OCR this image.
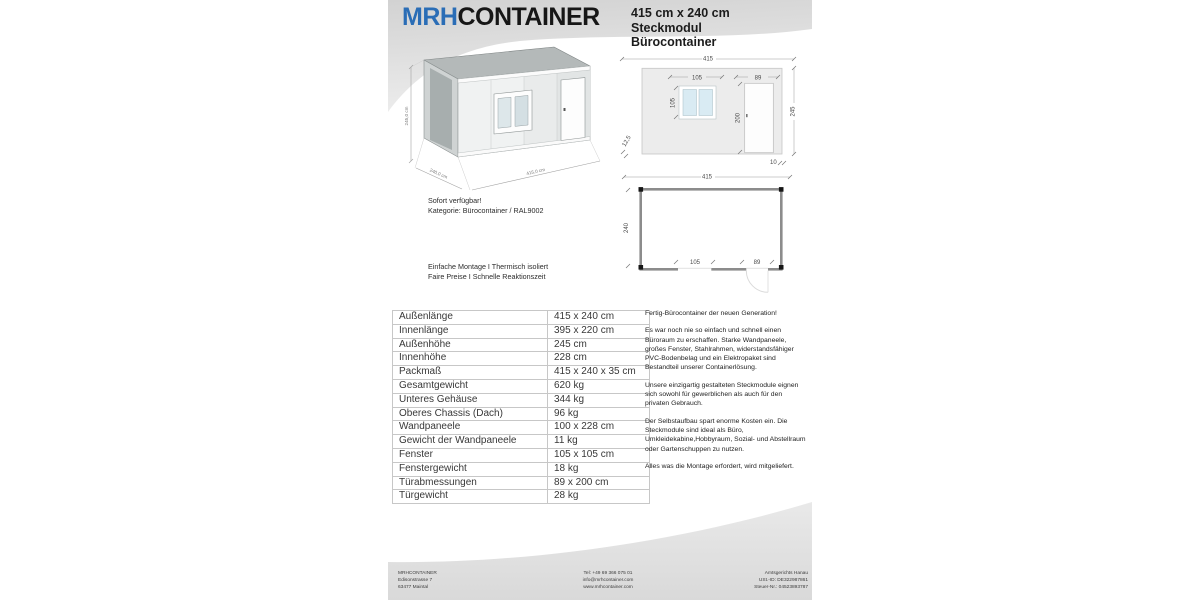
MRHCONTAINER	415 cm x 240 cm Steckmodul
Bürocontainer
245,0 cm
240,0 cm	415,0 cm
415
105	89
105
200
245
12,5
10
415
240
105	89
Sofort verfügbar!
Kategorie: Bürocontainer / RAL9002
Einfache Montage I Thermisch isoliert
Faire Preise I Schnelle Reaktionszeit
Außenlänge	415 x 240 cm
Innenlänge	395 x 220 cm
Außenhöhe	245 cm
Innenhöhe	228 cm
Packmaß	415 x 240 x 35 cm
Gesamtgewicht	620 kg
Unteres Gehäuse	344 kg
Oberes Chassis (Dach)	96 kg
Wandpaneele	100 x 228 cm
Gewicht der Wandpaneele	11 kg
Fenster	105 x 105 cm
Fenstergewicht	18 kg
Türabmessungen	89 x 200 cm
Türgewicht	28 kg

Fertig-Bürocontainer der neuen Generation!

Es war noch nie so einfach und schnell einen Büroraum zu erschaffen. Starke Wandpaneele, großes Fenster, Stahlrahmen, widerstandsfähiger PVC-Bodenbelag und ein Elektropaket sind Bestandteil unserer Containerlösung.

Unsere einzigartig gestalteten Steckmodule eignen sich sowohl für gewerblichen als auch für den privaten Gebrauch.

Der Selbstaufbau spart enorme Kosten ein. Die Steckmodule sind ideal als Büro, Umkleidekabine,Hobbyraum, Sozial- und Abstellraum oder Gartenschuppen zu nutzen.

Alles was die Montage erfordert, wird mitgeliefert.

MRHCONTAINER
Edisonstrasse 7
63477 Maintal
Tel: +49 69 366 075 01
info@mrhcontainer.com
www.mrhcontainer.com
Amtsgerichts Hanau
USt.-ID: DE322987861
Steuer-Nr.: 04523893787
